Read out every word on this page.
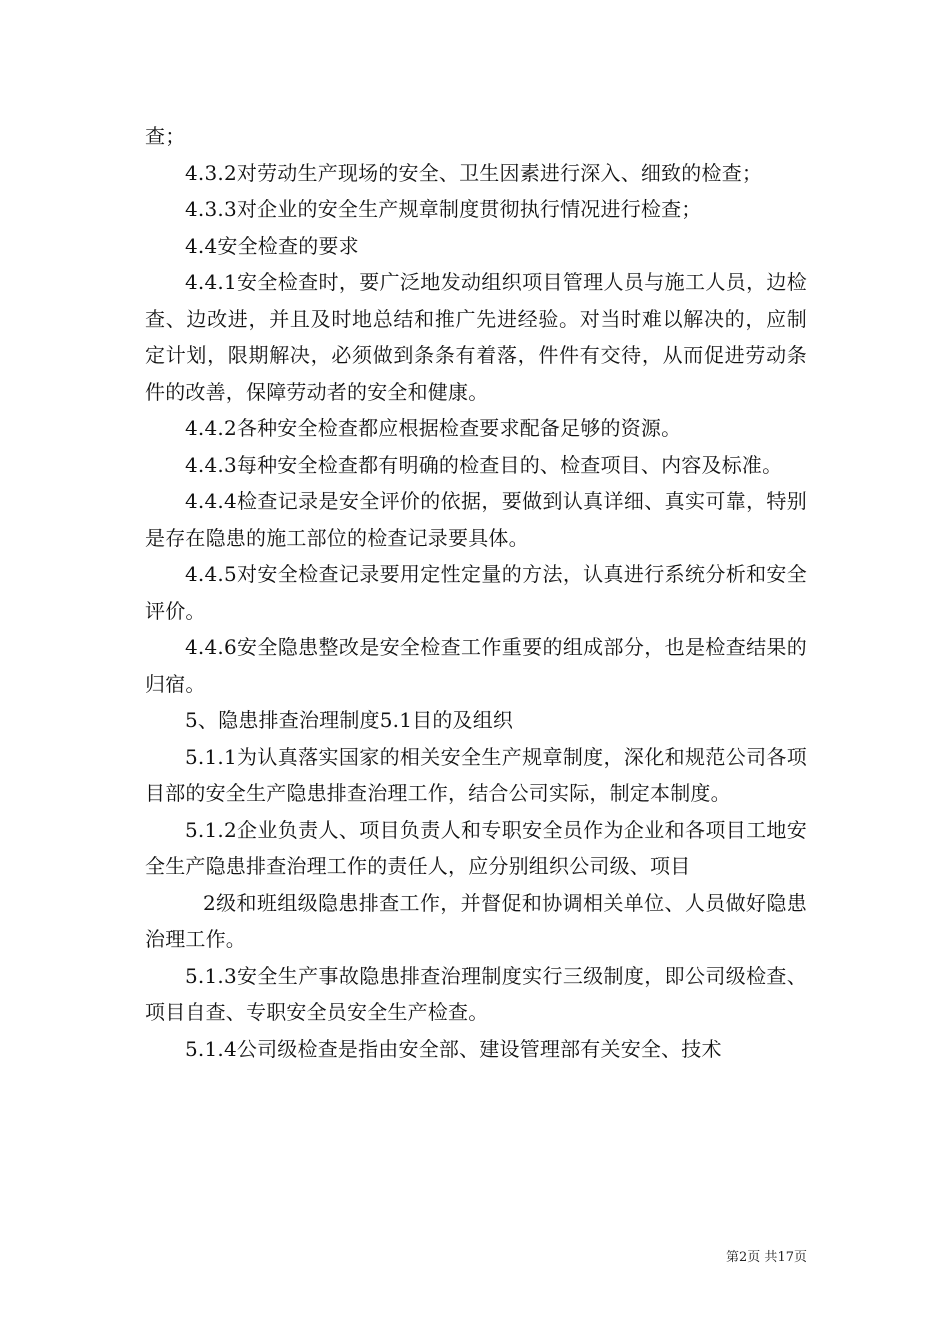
查；

4.3.2对劳动生产现场的安全、卫生因素进行深入、细致的检查；

4.3.3对企业的安全生产规章制度贯彻执行情况进行检查；

4.4安全检查的要求

4.4.1安全检查时，要广泛地发动组织项目管理人员与施工人员，边检查、边改进，并且及时地总结和推广先进经验。对当时难以解决的，应制定计划，限期解决，必须做到条条有着落，件件有交待，从而促进劳动条件的改善，保障劳动者的安全和健康。

4.4.2各种安全检查都应根据检查要求配备足够的资源。

4.4.3每种安全检查都有明确的检查目的、检查项目、内容及标准。

4.4.4检查记录是安全评价的依据，要做到认真详细、真实可靠，特别是存在隐患的施工部位的检查记录要具体。

4.4.5对安全检查记录要用定性定量的方法，认真进行系统分析和安全评价。

4.4.6安全隐患整改是安全检查工作重要的组成部分，也是检查结果的归宿。

5、隐患排查治理制度5.1目的及组织

5.1.1为认真落实国家的相关安全生产规章制度，深化和规范公司各项目部的安全生产隐患排查治理工作，结合公司实际，制定本制度。

5.1.2企业负责人、项目负责人和专职安全员作为企业和各项目工地安全生产隐患排查治理工作的责任人，应分别组织公司级、项目

2级和班组级隐患排查工作，并督促和协调相关单位、人员做好隐患治理工作。

5.1.3安全生产事故隐患排查治理制度实行三级制度，即公司级检查、项目自查、专职安全员安全生产检查。

5.1.4公司级检查是指由安全部、建设管理部有关安全、技术

第2页 共17页
